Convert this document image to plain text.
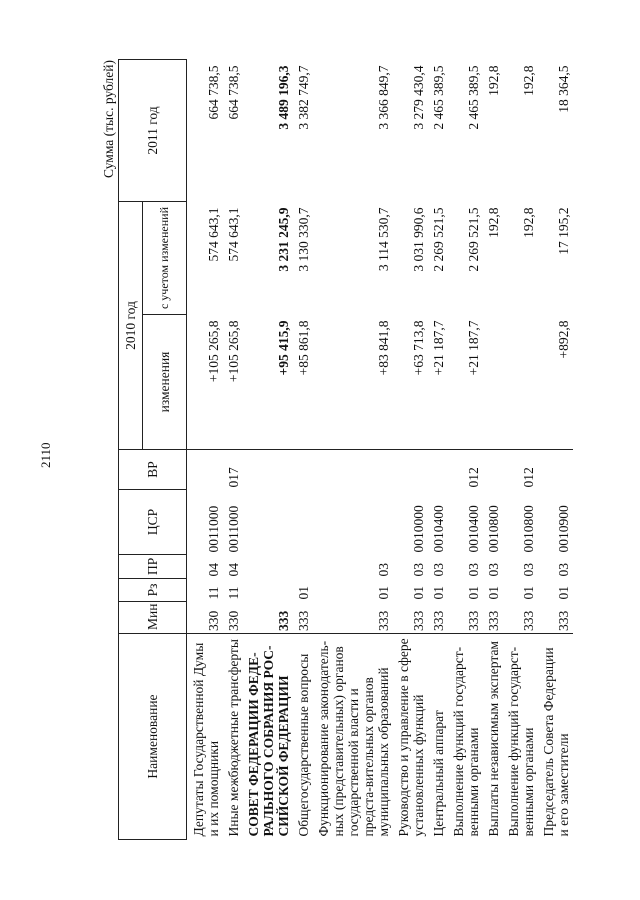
2110
Сумма (тыс. рублей)
Наименование	Мин	Рз	ПР	ЦСР	ВР	2010 год		2011 год
						изменения	с учетом изменений	
Депутаты Государственной Думы и их помощники	330	11	04	0011000		+105 265,8	574 643,1	664 738,5
Иные межбюджетные трансферты	330	11	04	0011000	017	+105 265,8	574 643,1	664 738,5
СОВЕТ ФЕДЕРАЦИИ ФЕДЕ-РАЛЬНОГО СОБРАНИЯ РОС-СИЙСКОЙ ФЕДЕРАЦИИ	333					+95 415,9	3 231 245,9	3 489 196,3
Общегосударственные вопросы	333	01				+85 861,8	3 130 330,7	3 382 749,7
Функционирование законодатель-ных (представительных) органов государственной власти и предста-вительных органов муниципальных образований	333	01	03			+83 841,8	3 114 530,7	3 366 849,7
Руководство и управление в сфере установленных функций	333	01	03	0010000		+63 713,8	3 031 990,6	3 279 430,4
Центральный аппарат	333	01	03	0010400		+21 187,7	2 269 521,5	2 465 389,5
Выполнение функций государст-венными органами	333	01	03	0010400	012	+21 187,7	2 269 521,5	2 465 389,5
Выплаты независимым экспертам	333	01	03	0010800			192,8	192,8
Выполнение функций государст-венными органами	333	01	03	0010800	012		192,8	192,8
Председатель Совета Федерации и его заместители	333	01	03	0010900		+892,8	17 195,2	18 364,5
